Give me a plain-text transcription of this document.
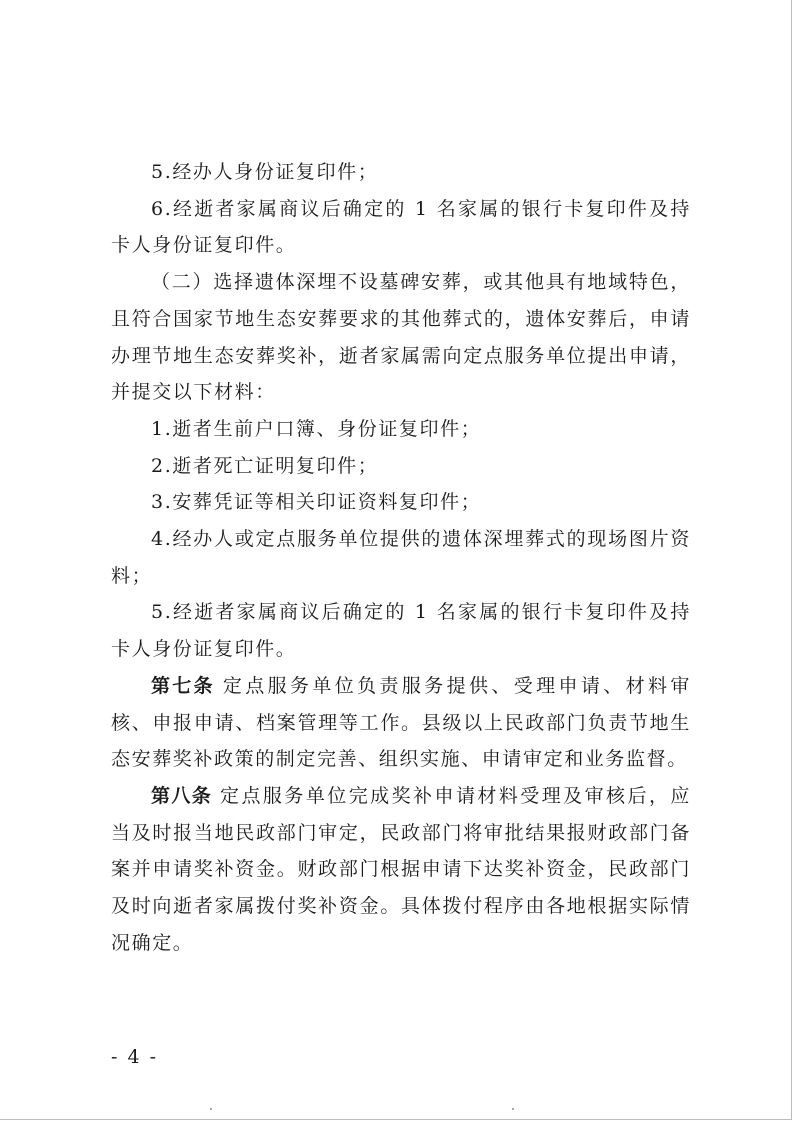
5.经办人身份证复印件；

6.经逝者家属商议后确定的 1 名家属的银行卡复印件及持卡人身份证复印件。

（二）选择遗体深埋不设墓碑安葬，或其他具有地域特色，且符合国家节地生态安葬要求的其他葬式的，遗体安葬后，申请办理节地生态安葬奖补，逝者家属需向定点服务单位提出申请，并提交以下材料：

1.逝者生前户口簿、身份证复印件；

2.逝者死亡证明复印件；

3.安葬凭证等相关印证资料复印件；

4.经办人或定点服务单位提供的遗体深埋葬式的现场图片资料；

5.经逝者家属商议后确定的 1 名家属的银行卡复印件及持卡人身份证复印件。

第七条 定点服务单位负责服务提供、受理申请、材料审核、申报申请、档案管理等工作。县级以上民政部门负责节地生态安葬奖补政策的制定完善、组织实施、申请审定和业务监督。

第八条 定点服务单位完成奖补申请材料受理及审核后，应当及时报当地民政部门审定，民政部门将审批结果报财政部门备案并申请奖补资金。财政部门根据申请下达奖补资金，民政部门及时向逝者家属拨付奖补资金。具体拨付程序由各地根据实际情况确定。

- 4 -
